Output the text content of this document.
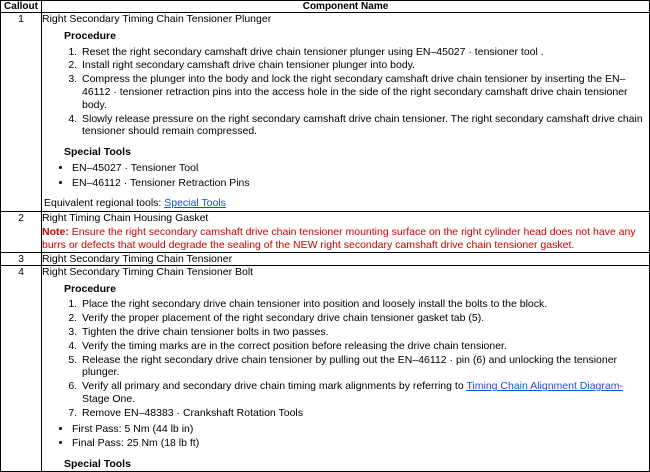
Callout	Component Name
1	Right Secondary Timing Chain Tensioner Plunger
Procedure
1. Reset the right secondary camshaft drive chain tensioner plunger using EN–45027 · tensioner tool .
2. Install right secondary camshaft drive chain tensioner plunger into body.
3. Compress the plunger into the body and lock the right secondary camshaft drive chain tensioner by inserting the EN–46112 · tensioner retraction pins into the access hole in the side of the right secondary camshaft drive chain tensioner body.
4. Slowly release pressure on the right secondary camshaft drive chain tensioner. The right secondary camshaft drive chain tensioner should remain compressed.
Special Tools
• EN–45027 · Tensioner Tool
• EN–46112 · Tensioner Retraction Pins
Equivalent regional tools: Special Tools

2	Right Timing Chain Housing Gasket
Note: Ensure the right secondary camshaft drive chain tensioner mounting surface on the right cylinder head does not have any burrs or defects that would degrade the sealing of the NEW right secondary camshaft drive chain tensioner gasket.

3	Right Secondary Timing Chain Tensioner
4	Right Secondary Timing Chain Tensioner Bolt
Procedure
1. Place the right secondary drive chain tensioner into position and loosely install the bolts to the block.
2. Verify the proper placement of the right secondary drive chain tensioner gasket tab (5).
3. Tighten the drive chain tensioner bolts in two passes.
4. Verify the timing marks are in the correct position before releasing the drive chain tensioner.
5. Release the right secondary drive chain tensioner by pulling out the EN–46112 · pin (6) and unlocking the tensioner plunger.
6. Verify all primary and secondary drive chain timing mark alignments by referring to Timing Chain Alignment Diagram- Stage One.
7. Remove EN–48383 · Crankshaft Rotation Tools
• First Pass: 5 Nm (44 lb in)
• Final Pass: 25 Nm (18 lb ft)
Special Tools
